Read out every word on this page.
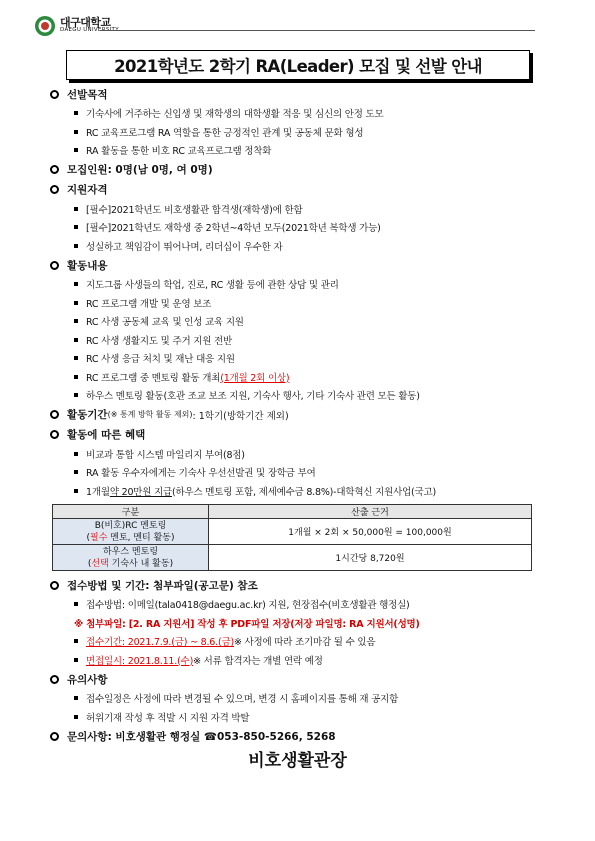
대구대학교
DAEGU UNIVERSITY
2021학년도 2학기 RA(Leader) 모집 및 선발 안내
선발목적
기숙사에 거주하는 신입생 및 재학생의 대학생활 적응 및 심신의 안정 도모
RC 교육프로그램 RA 역할을 통한 긍정적인 관계 및 공동체 문화 형성
RA 활동을 통한 비호 RC 교육프로그램 정착화
모집인원: 0명(남 0명, 여 0명)
지원자격
[필수]2021학년도 비호생활관 합격생(재학생)에 한함
[필수]2021학년도 재학생 중 2학년~4학년 모두(2021학년 복학생 가능)
성실하고 책임감이 뛰어나며, 리더십이 우수한 자
활동내용
지도그룹 사생들의 학업, 진로, RC 생활 등에 관한 상담 및 관리
RC 프로그램 개발 및 운영 보조
RC 사생 공동체 교육 및 인성 교육 지원
RC 사생 생활지도 및 주거 지원 전반
RC 사생 응급 처치 및 재난 대응 지원
RC 프로그램 중 멘토링 활동 개최 (1개월 2회 이상)
하우스 멘토링 활동(호관 조교 보조 지원, 기숙사 행사, 기타 기숙사 관련 모든 활동)
활동기간 (※ 통계 방학 활동 제외) : 1학기(방학기간 제외)
활동에 따른 혜택
비교과 통합 시스템 마일리지 부여(8점)
RA 활동 우수자에게는 기숙사 우선선발권 및 장학금 부여
1개월 약 20만원 지급 (하우스 멘토링 포함, 제세예수금 8.8%)-대학혁신 지원사업(국고)
구분	산출 근거

B(비호)RC 멘토링
(필수 멘토, 멘티 활동)	1개월 × 2회 × 50,000원 = 100,000원

하우스 멘토링
(선택 기숙사 내 활동)	1시간당 8,720원
접수방법 및 기간: 첨부파일(공고문) 참조
접수방법: 이메일(tala0418@daegu.ac.kr) 지원, 현장접수(비호생활관 행정실)
※ 첨부파일: [2. RA 지원서] 작성 후 PDF파일 저장(저장 파일명: RA 지원서(성명)
접수기간: 2021.7.9.(금) ~ 8.6.(금) ※ 사정에 따라 조기마감 될 수 있음
면접일시: 2021.8.11.(수) ※ 서류 합격자는 개별 연락 예정
유의사항
접수일정은 사정에 따라 변경될 수 있으며, 변경 시 홈페이지를 통해 재 공지함
허위기재 작성 후 적발 시 지원 자격 박탈
문의사항: 비호생활관 행정실 ☎053-850-5266, 5268
비호생활관장
